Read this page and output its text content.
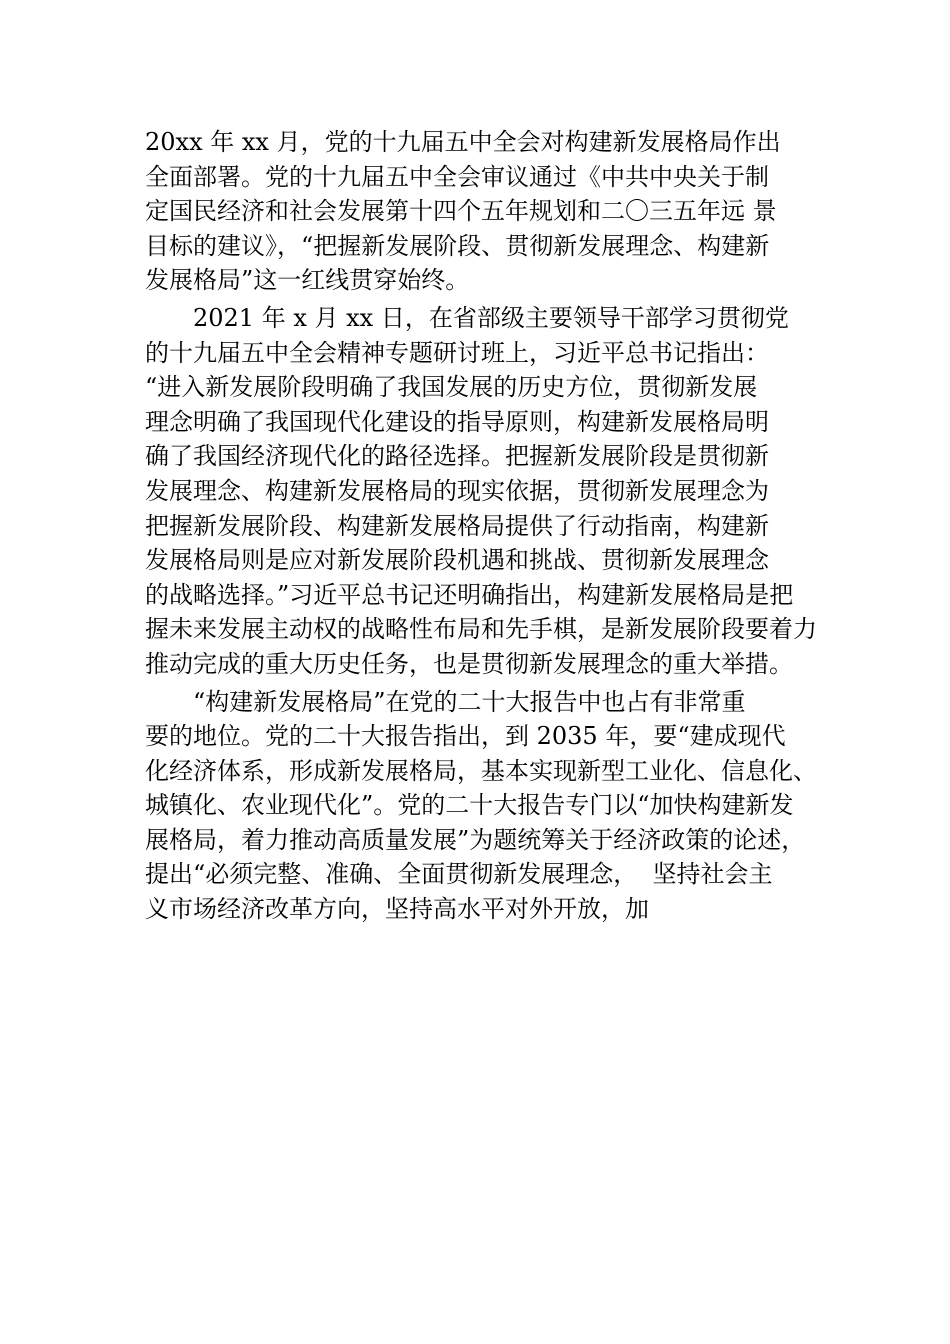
20xx 年 xx 月，党的十九届五中全会对构建新发展格局作出
全面部署。党的十九届五中全会审议通过《中共中央关于制
定国民经济和社会发展第十四个五年规划和二〇三五年远 景
目标的建议》，“把握新发展阶段、贯彻新发展理念、构建新
发展格局”这一红线贯穿始终。
　　2021 年 x 月 xx 日，在省部级主要领导干部学习贯彻党
的十九届五中全会精神专题研讨班上，习近平总书记指出：
“进入新发展阶段明确了我国发展的历史方位，贯彻新发展
理念明确了我国现代化建设的指导原则，构建新发展格局明
确了我国经济现代化的路径选择。把握新发展阶段是贯彻新
发展理念、构建新发展格局的现实依据，贯彻新发展理念为
把握新发展阶段、构建新发展格局提供了行动指南，构建新
发展格局则是应对新发展阶段机遇和挑战、贯彻新发展理念
的战略选择。”习近平总书记还明确指出，构建新发展格局是把
握未来发展主动权的战略性布局和先手棋，是新发展阶段要着力
推动完成的重大历史任务，也是贯彻新发展理念的重大举措。
　　“构建新发展格局”在党的二十大报告中也占有非常重
要的地位。党的二十大报告指出，到 2035 年，要“建成现代
化经济体系，形成新发展格局，基本实现新型工业化、信息化、
城镇化、农业现代化”。党的二十大报告专门以“加快构建新发
展格局，着力推动高质量发展”为题统筹关于经济政策的论述，
提出“必须完整、准确、全面贯彻新发展理念，  坚持社会主
义市场经济改革方向，坚持高水平对外开放，加
